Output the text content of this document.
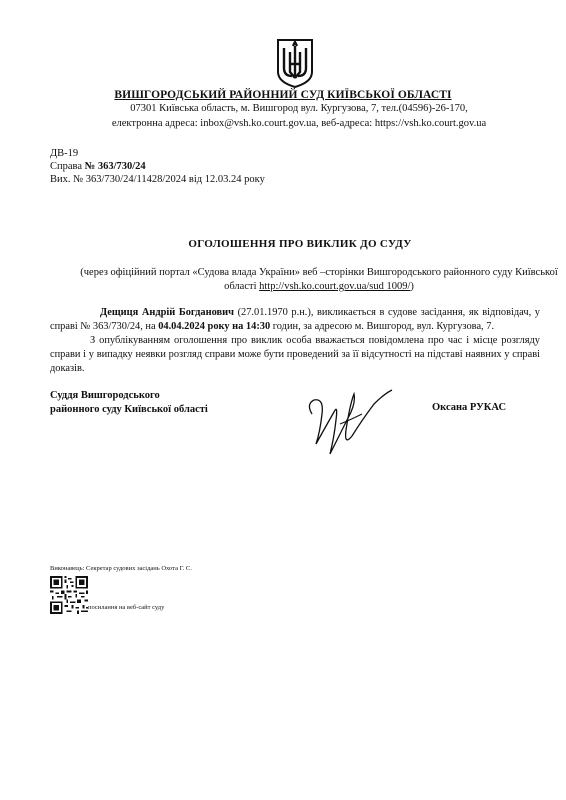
ВИШГОРОДСЬКИЙ РАЙОННИЙ СУД КИЇВСЬКОЇ ОБЛАСТІ
07301 Київська область, м. Вишгород вул. Кургузова, 7, тел.(04596)-26-170,
електронна адреса: inbox@vsh.ko.court.gov.ua, веб-адреса: https://vsh.ko.court.gov.ua
ДВ-19
Справа № 363/730/24
Вих. № 363/730/24/11428/2024 від 12.03.24 року
ОГОЛОШЕННЯ ПРО ВИКЛИК ДО СУДУ
(через офіційний портал «Судова влада України» веб –сторінки Вишгородського районного суду Київської області http://vsh.ko.court.gov.ua/sud 1009/)

Дещиця Андрій Богданович (27.01.1970 р.н.), викликається в судове засідання, як відповідач, у справі № 363/730/24, на 04.04.2024 року на 14:30 годин, за адресою м. Вишгород, вул. Кургузова, 7.

З опублікуванням оголошення про виклик особа вважається повідомлена про час і місце розгляду справи і у випадку неявки розгляд справи може бути проведений за її відсутності на підставі наявних у справі доказів.

Суддя Вишгородського
районного суду Київської області	Оксана РУКАС
Виконавець: Секретар судових засідань Охота Г. С.
посилання на веб-сайт суду
